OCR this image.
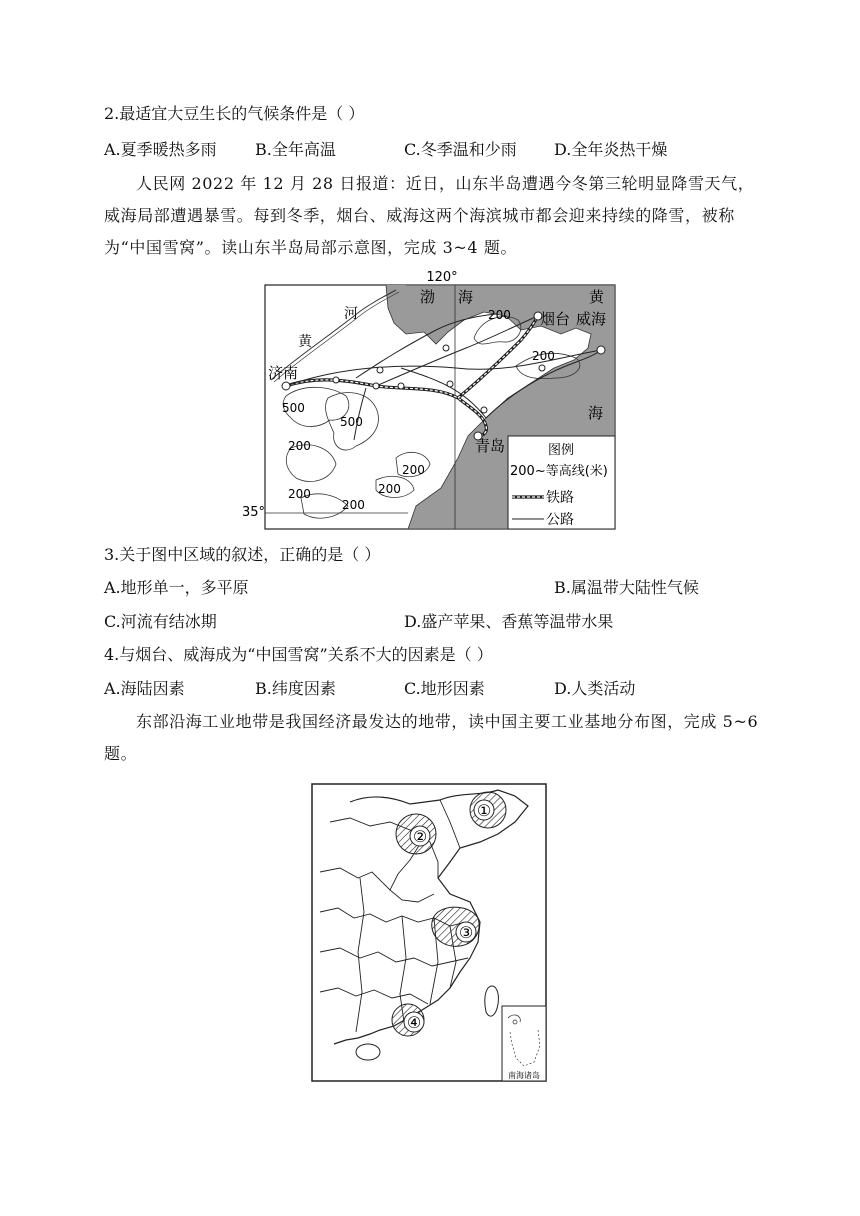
2.最适宜大豆生长的气候条件是（ ）
A.夏季暖热多雨 B.全年高温	C.冬季温和少雨 D.全年炎热干燥
人民网 2022 年 12 月 28 日报道：近日，山东半岛遭遇今冬第三轮明显降雪天气，威海局部遭遇暴雪。每到冬季，烟台、威海这两个海滨城市都会迎来持续的降雪，被称为“中国雪窝”。读山东半岛局部示意图，完成 3~4 题。
120°
35°
河
黄
渤 海	黄
海
200
200
500
500
200
200
200	200
200
济南
烟台 威海
青岛	图例
200~等高线(米)
铁路
公路
3.关于图中区域的叙述，正确的是（ ）
A.地形单一，多平原	B.属温带大陆性气候
C.河流有结冰期	D.盛产苹果、香蕉等温带水果
4.与烟台、威海成为“中国雪窝”关系不大的因素是（ ）
A.海陆因素	B.纬度因素	C.地形因素	D.人类活动
东部沿海工业地带是我国经济最发达的地带，读中国主要工业基地分布图，完成 5~6 题。
①
②
③
④
南海诸岛
